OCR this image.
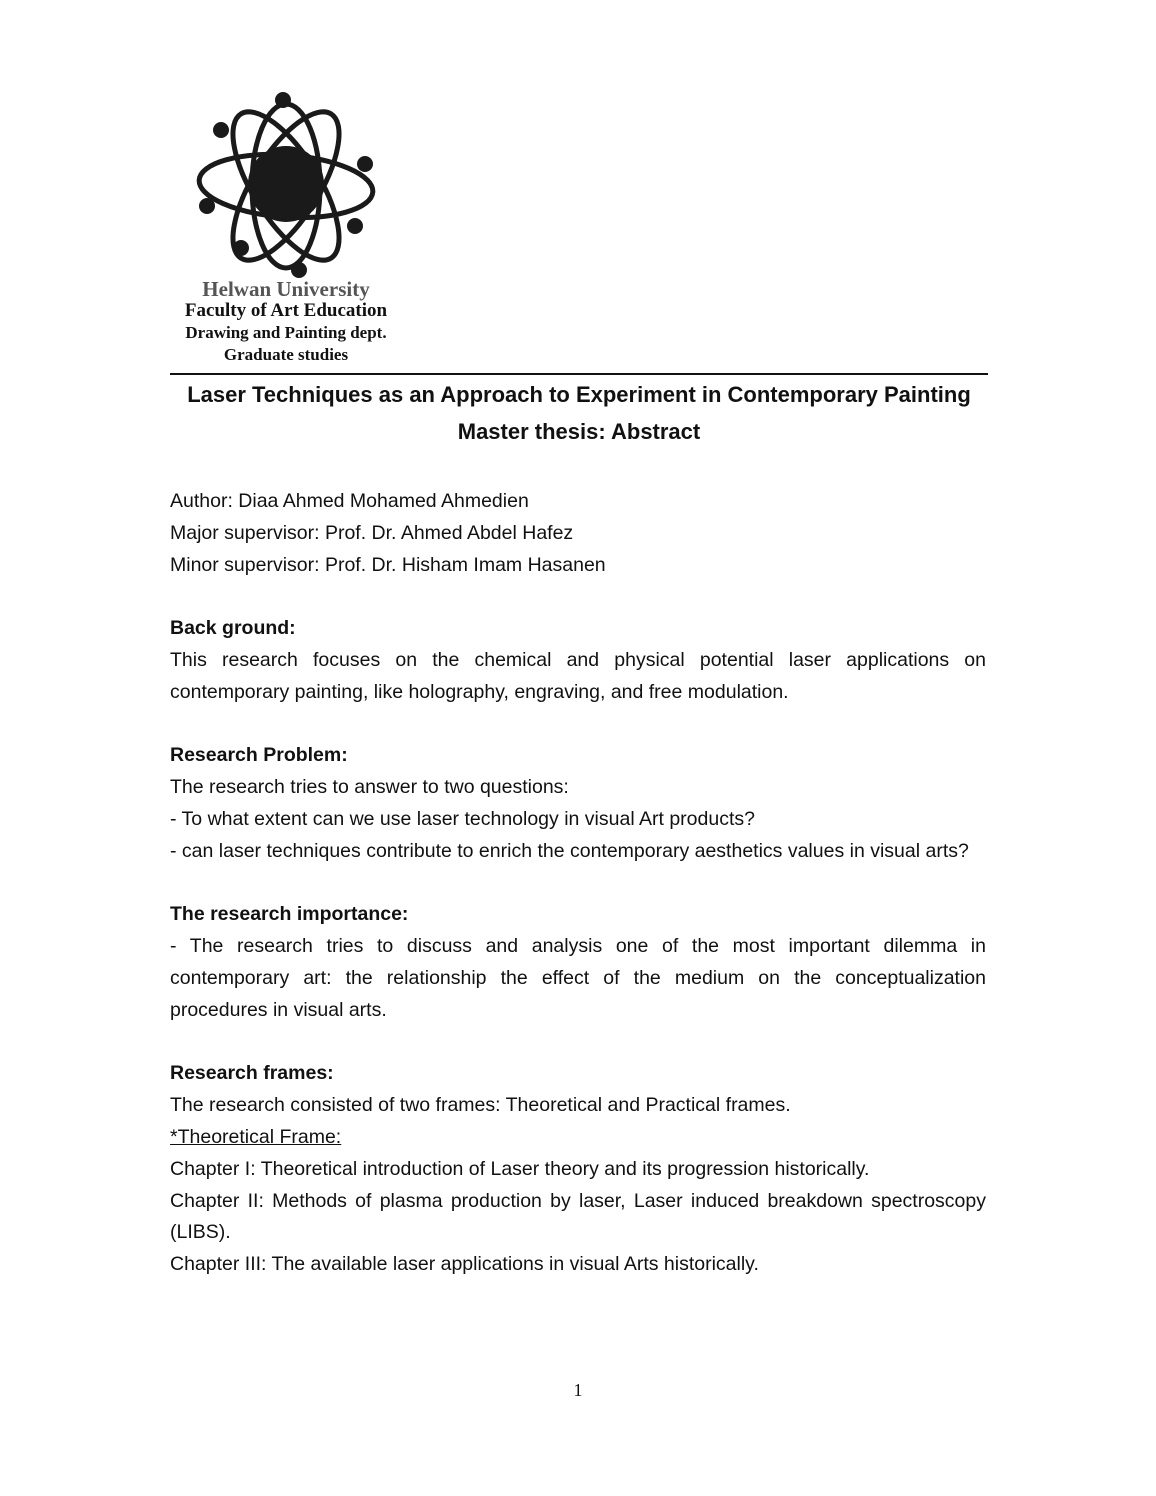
Helwan University
Faculty of Art Education
Drawing and Painting dept.
Graduate studies
Laser Techniques as an Approach to Experiment in Contemporary Painting
Master thesis: Abstract

Author: Diaa Ahmed Mohamed Ahmedien

Major supervisor: Prof. Dr. Ahmed Abdel Hafez

Minor supervisor: Prof. Dr. Hisham Imam Hasanen

Back ground:

This research focuses on the chemical and physical potential laser applications on contemporary painting, like holography, engraving, and free modulation.

Research Problem:

The research tries to answer to two questions:

- To what extent can we use laser technology in visual Art products?

- can laser techniques contribute to enrich the contemporary aesthetics values in visual arts?

The research importance:

- The research tries to discuss and analysis one of the most important dilemma in contemporary art: the relationship the effect of the medium on the conceptualization procedures in visual arts.

Research frames:

The research consisted of two frames: Theoretical and Practical frames.

*Theoretical Frame:

Chapter I: Theoretical introduction of Laser theory and its progression historically.

Chapter II: Methods of plasma production by laser, Laser induced breakdown spectroscopy (LIBS).

Chapter III: The available laser applications in visual Arts historically.

1
